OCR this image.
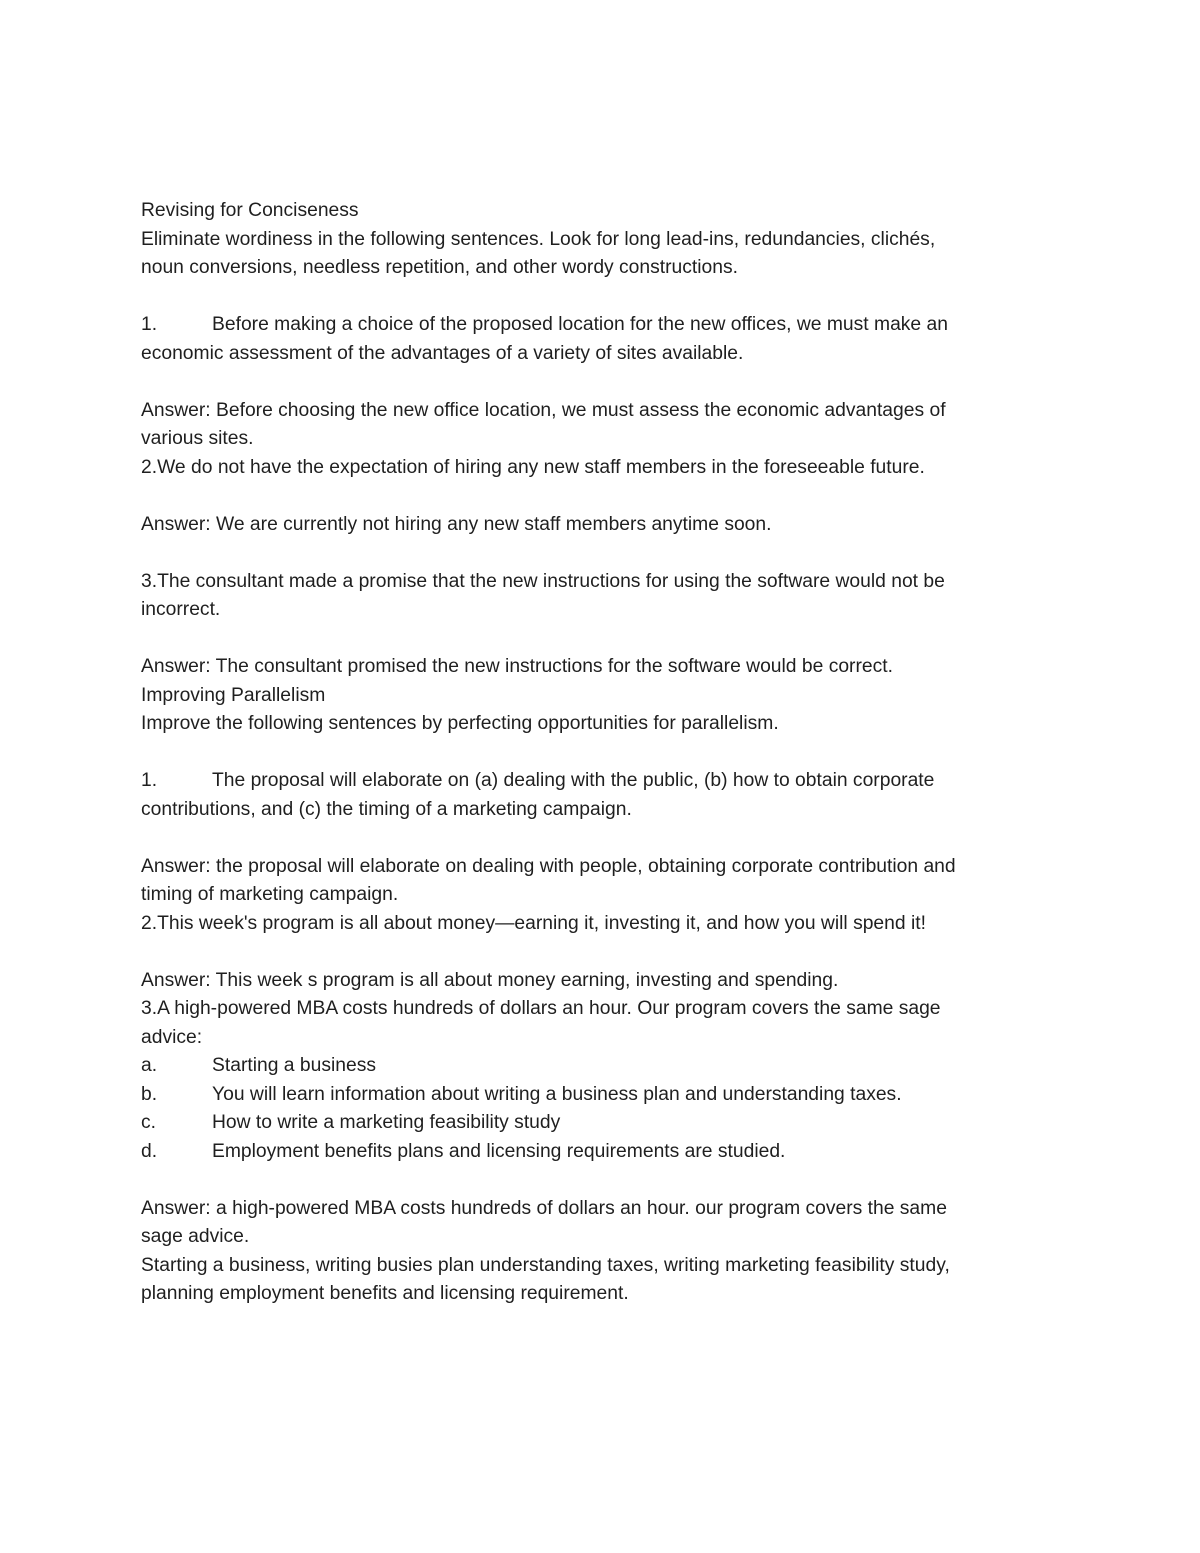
Revising for Conciseness
Eliminate wordiness in the following sentences. Look for long lead-ins, redundancies, clichés,
noun conversions, needless repetition, and other wordy constructions.
1.	Before making a choice of the proposed location for the new offices, we must make an
economic assessment of the advantages of a variety of sites available.
Answer: Before choosing the new office location, we must assess the economic advantages of
various sites.
2.We do not have the expectation of hiring any new staff members in the foreseeable future.
Answer: We are currently not hiring any new staff members anytime soon.
3.The consultant made a promise that the new instructions for using the software would not be
incorrect.
Answer: The consultant promised the new instructions for the software would be correct.
Improving Parallelism
Improve the following sentences by perfecting opportunities for parallelism.
1.	The proposal will elaborate on (a) dealing with the public, (b) how to obtain corporate
contributions, and (c) the timing of a marketing campaign.
Answer: the proposal will elaborate on dealing with people, obtaining corporate contribution and
timing of marketing campaign.
2.This week's program is all about money—earning it, investing it, and how you will spend it!
Answer: This week s program is all about money earning, investing and spending.
3.A high-powered MBA costs hundreds of dollars an hour. Our program covers the same sage
advice:
a.	Starting a business
b.	You will learn information about writing a business plan and understanding taxes.
c.	How to write a marketing feasibility study
d.	Employment benefits plans and licensing requirements are studied.
Answer: a high-powered MBA costs hundreds of dollars an hour. our program covers the same
sage advice.
Starting a business, writing busies plan understanding taxes, writing marketing feasibility study,
planning employment benefits and licensing requirement.
